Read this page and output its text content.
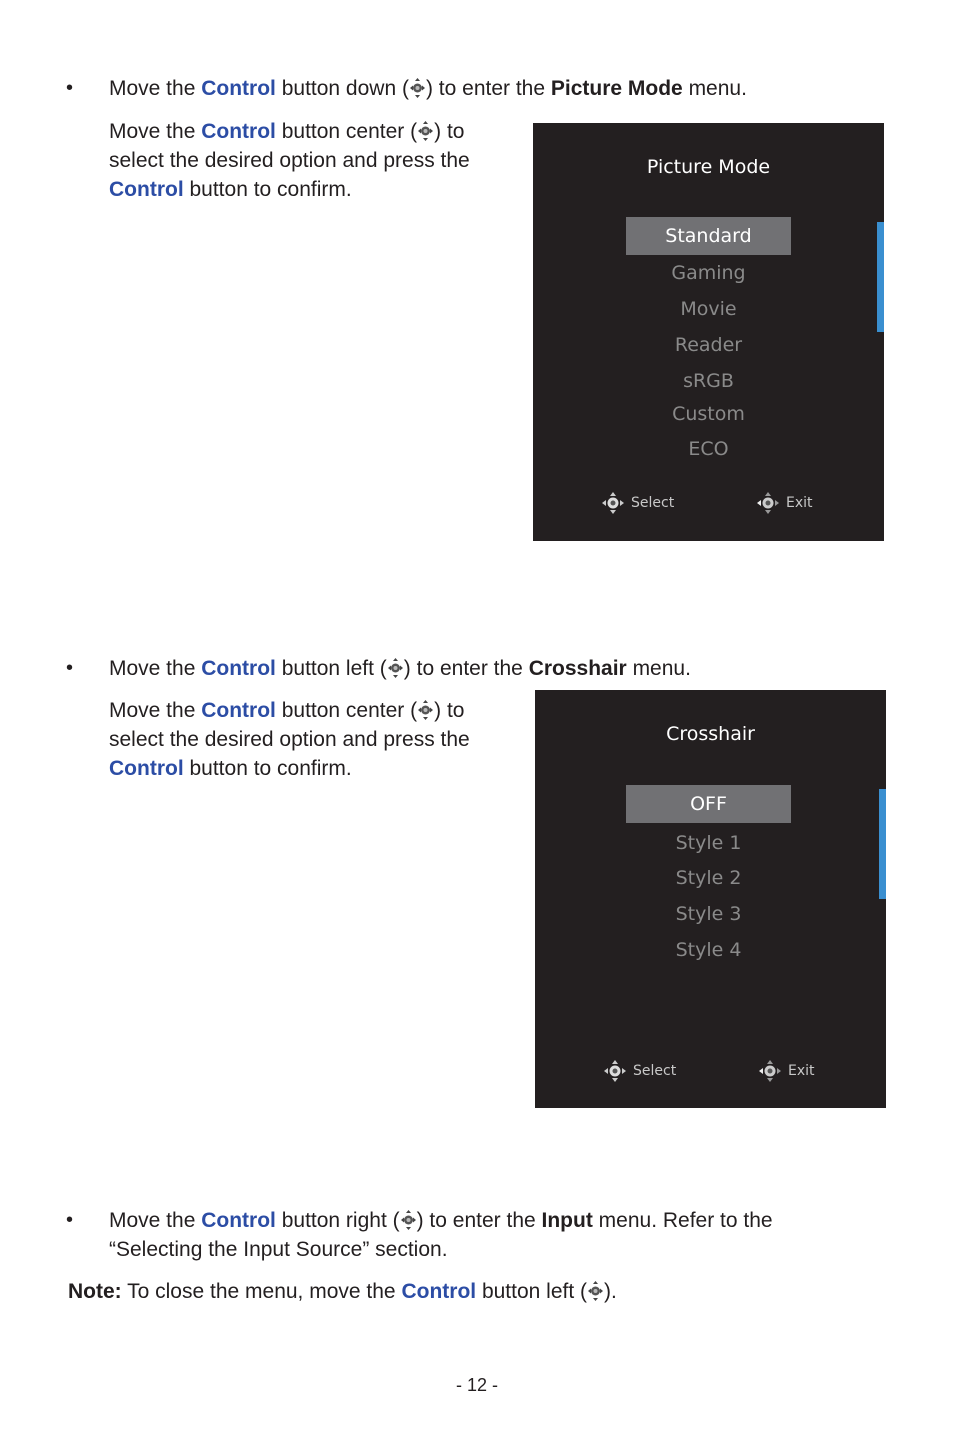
• Move the Control button down ( ) to enter the Picture Mode menu.
Move the Control button center ( ) to
select the desired option and press the
Control button to confirm.
Picture Mode
Standard
Gaming
Movie
Reader
sRGB
Custom
ECO
Select	Exit
• Move the Control button left ( ) to enter the Crosshair menu.
Move the Control button center ( ) to
select the desired option and press the
Control button to confirm.
Crosshair
OFF
Style 1
Style 2
Style 3
Style 4
Select	Exit
• Move the Control button right ( ) to enter the Input menu. Refer to the
“Selecting the Input Source” section.
Note: To close the menu, move the Control button left ( ).
- 12 -
